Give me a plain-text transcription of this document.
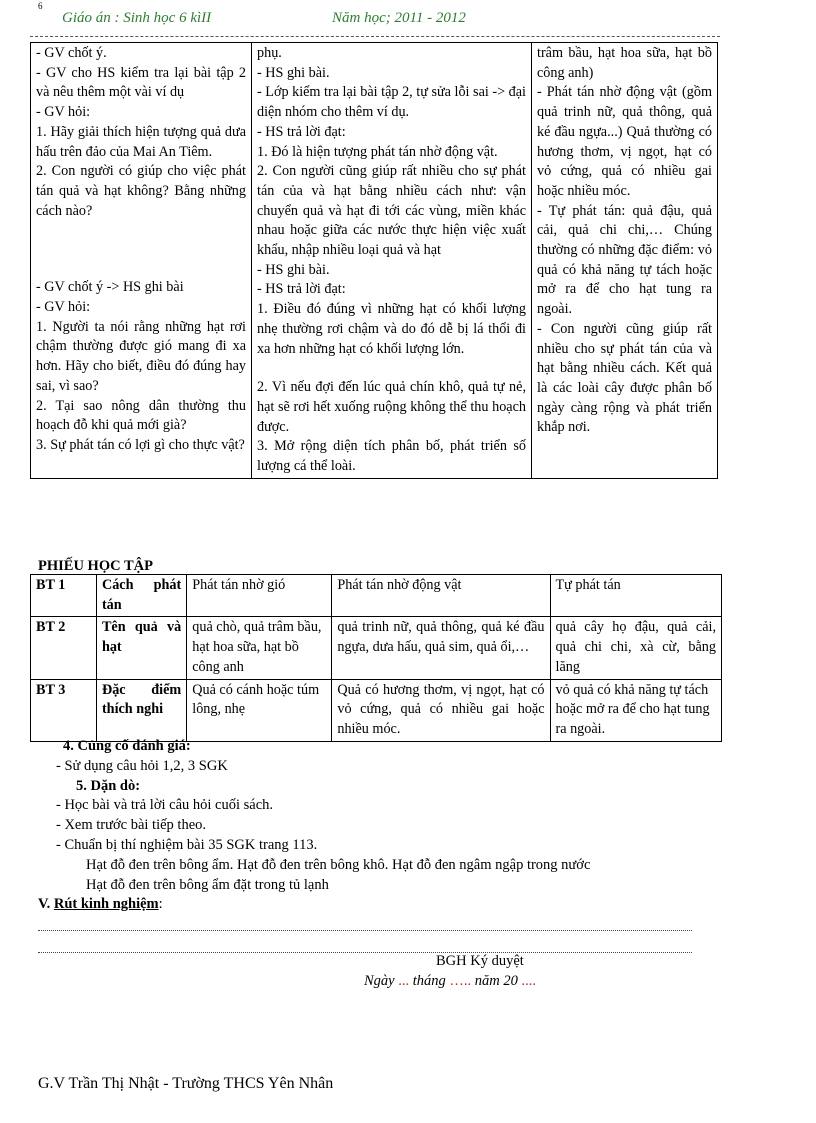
6
Giáo án : Sinh học 6 kìII	Năm học; 2011 - 2012
- GV chốt ý.
- GV cho HS kiểm tra lại bài tập 2 và nêu thêm một vài ví dụ
- GV hỏi:
1. Hãy giải thích hiện tượng quả dưa hấu trên đảo của Mai An Tiêm.
2. Con người có giúp cho việc phát tán quả và hạt không? Bằng những cách nào?
- GV chốt ý -> HS ghi bài
- GV hỏi:
1. Người ta nói rằng những hạt rơi chậm thường được gió mang đi xa hơn. Hãy cho biết, điều đó đúng hay sai, vì sao?
2. Tại sao nông dân thường thu hoạch đỗ khi quả mới già?
3. Sự phát tán có lợi gì cho thực vật?

phụ.
- HS ghi bài.
- Lớp kiểm tra lại bài tập 2, tự sửa lỗi sai -> đại diện nhóm cho thêm ví dụ.
- HS trả lời đạt:
1. Đó là hiện tượng phát tán nhờ động vật.
2. Con người cũng giúp rất nhiều cho sự phát tán của và hạt bằng nhiều cách như: vận chuyển quả và hạt đi tới các vùng, miền khác nhau hoặc giữa các nước thực hiện việc xuất khẩu, nhập nhiều loại quả và hạt
- HS ghi bài.
- HS trả lời đạt:
1. Điều đó đúng vì những hạt có khối lượng nhẹ thường rơi chậm và do đó dễ bị lá thổi đi xa hơn những hạt có khối lượng lớn.
2. Vì nếu đợi đến lúc quả chín khô, quả tự nẻ, hạt sẽ rơi hết xuống ruộng không thể thu hoạch được.
3. Mở rộng diện tích phân bố, phát triển số lượng cá thể loài.

trâm bầu, hạt hoa sữa, hạt bồ công anh)
- Phát tán nhờ động vật (gồm quả trinh nữ, quả thông, quả ké đầu ngựa...) Quả thường có hương thơm, vị ngọt, hạt có vỏ cứng, quả có nhiều gai hoặc nhiều móc.
- Tự phát tán: quả đậu, quả cải, quả chi chi,… Chúng thường có những đặc điểm: vỏ quả có khả năng tự tách hoặc mở ra để cho hạt tung ra ngoài.
- Con người cũng giúp rất nhiều cho sự phát tán của và hạt bằng nhiều cách. Kết quả là các loài cây được phân bố ngày càng rộng và phát triển khắp nơi.
PHIẾU HỌC TẬP
BT 1	Cách phát tán	Phát tán nhờ gió	Phát tán nhờ động vật	Tự phát tán
BT 2	Tên quả và hạt	quả chò, quả trâm bầu, hạt hoa sữa, hạt bồ công anh	quả trinh nữ, quả thông, quả ké đầu ngựa, dưa hấu, quả sim, quả ổi,…	quả cây họ đậu, quả cải, quả chi chi, xà cừ, bằng lăng
BT 3	Đặc điểm thích nghi	Quả có cánh hoặc túm lông, nhẹ	Quả có hương thơm, vị ngọt, hạt có vỏ cứng, quả có nhiều gai hoặc nhiều móc.	vỏ quả có khả năng tự tách hoặc mở ra để cho hạt tung ra ngoài.
4. Củng cố đánh giá:
- Sử dụng câu hỏi 1,2, 3 SGK
5. Dặn dò:
- Học bài và trả lời câu hỏi cuối sách.
- Xem trước bài tiếp theo.
- Chuẩn bị thí nghiệm bài 35 SGK trang 113.
Hạt đỗ đen trên bông ẩm. Hạt đỗ đen trên bông khô. Hạt đỗ đen ngâm ngập trong nước
Hạt đỗ đen trên bông ẩm đặt trong tủ lạnh
V. Rút kinh nghiệm:
BGH Ký duyệt
Ngày ... tháng ….. năm 20 ....
G.V Trần Thị Nhật - Trường THCS Yên Nhân
